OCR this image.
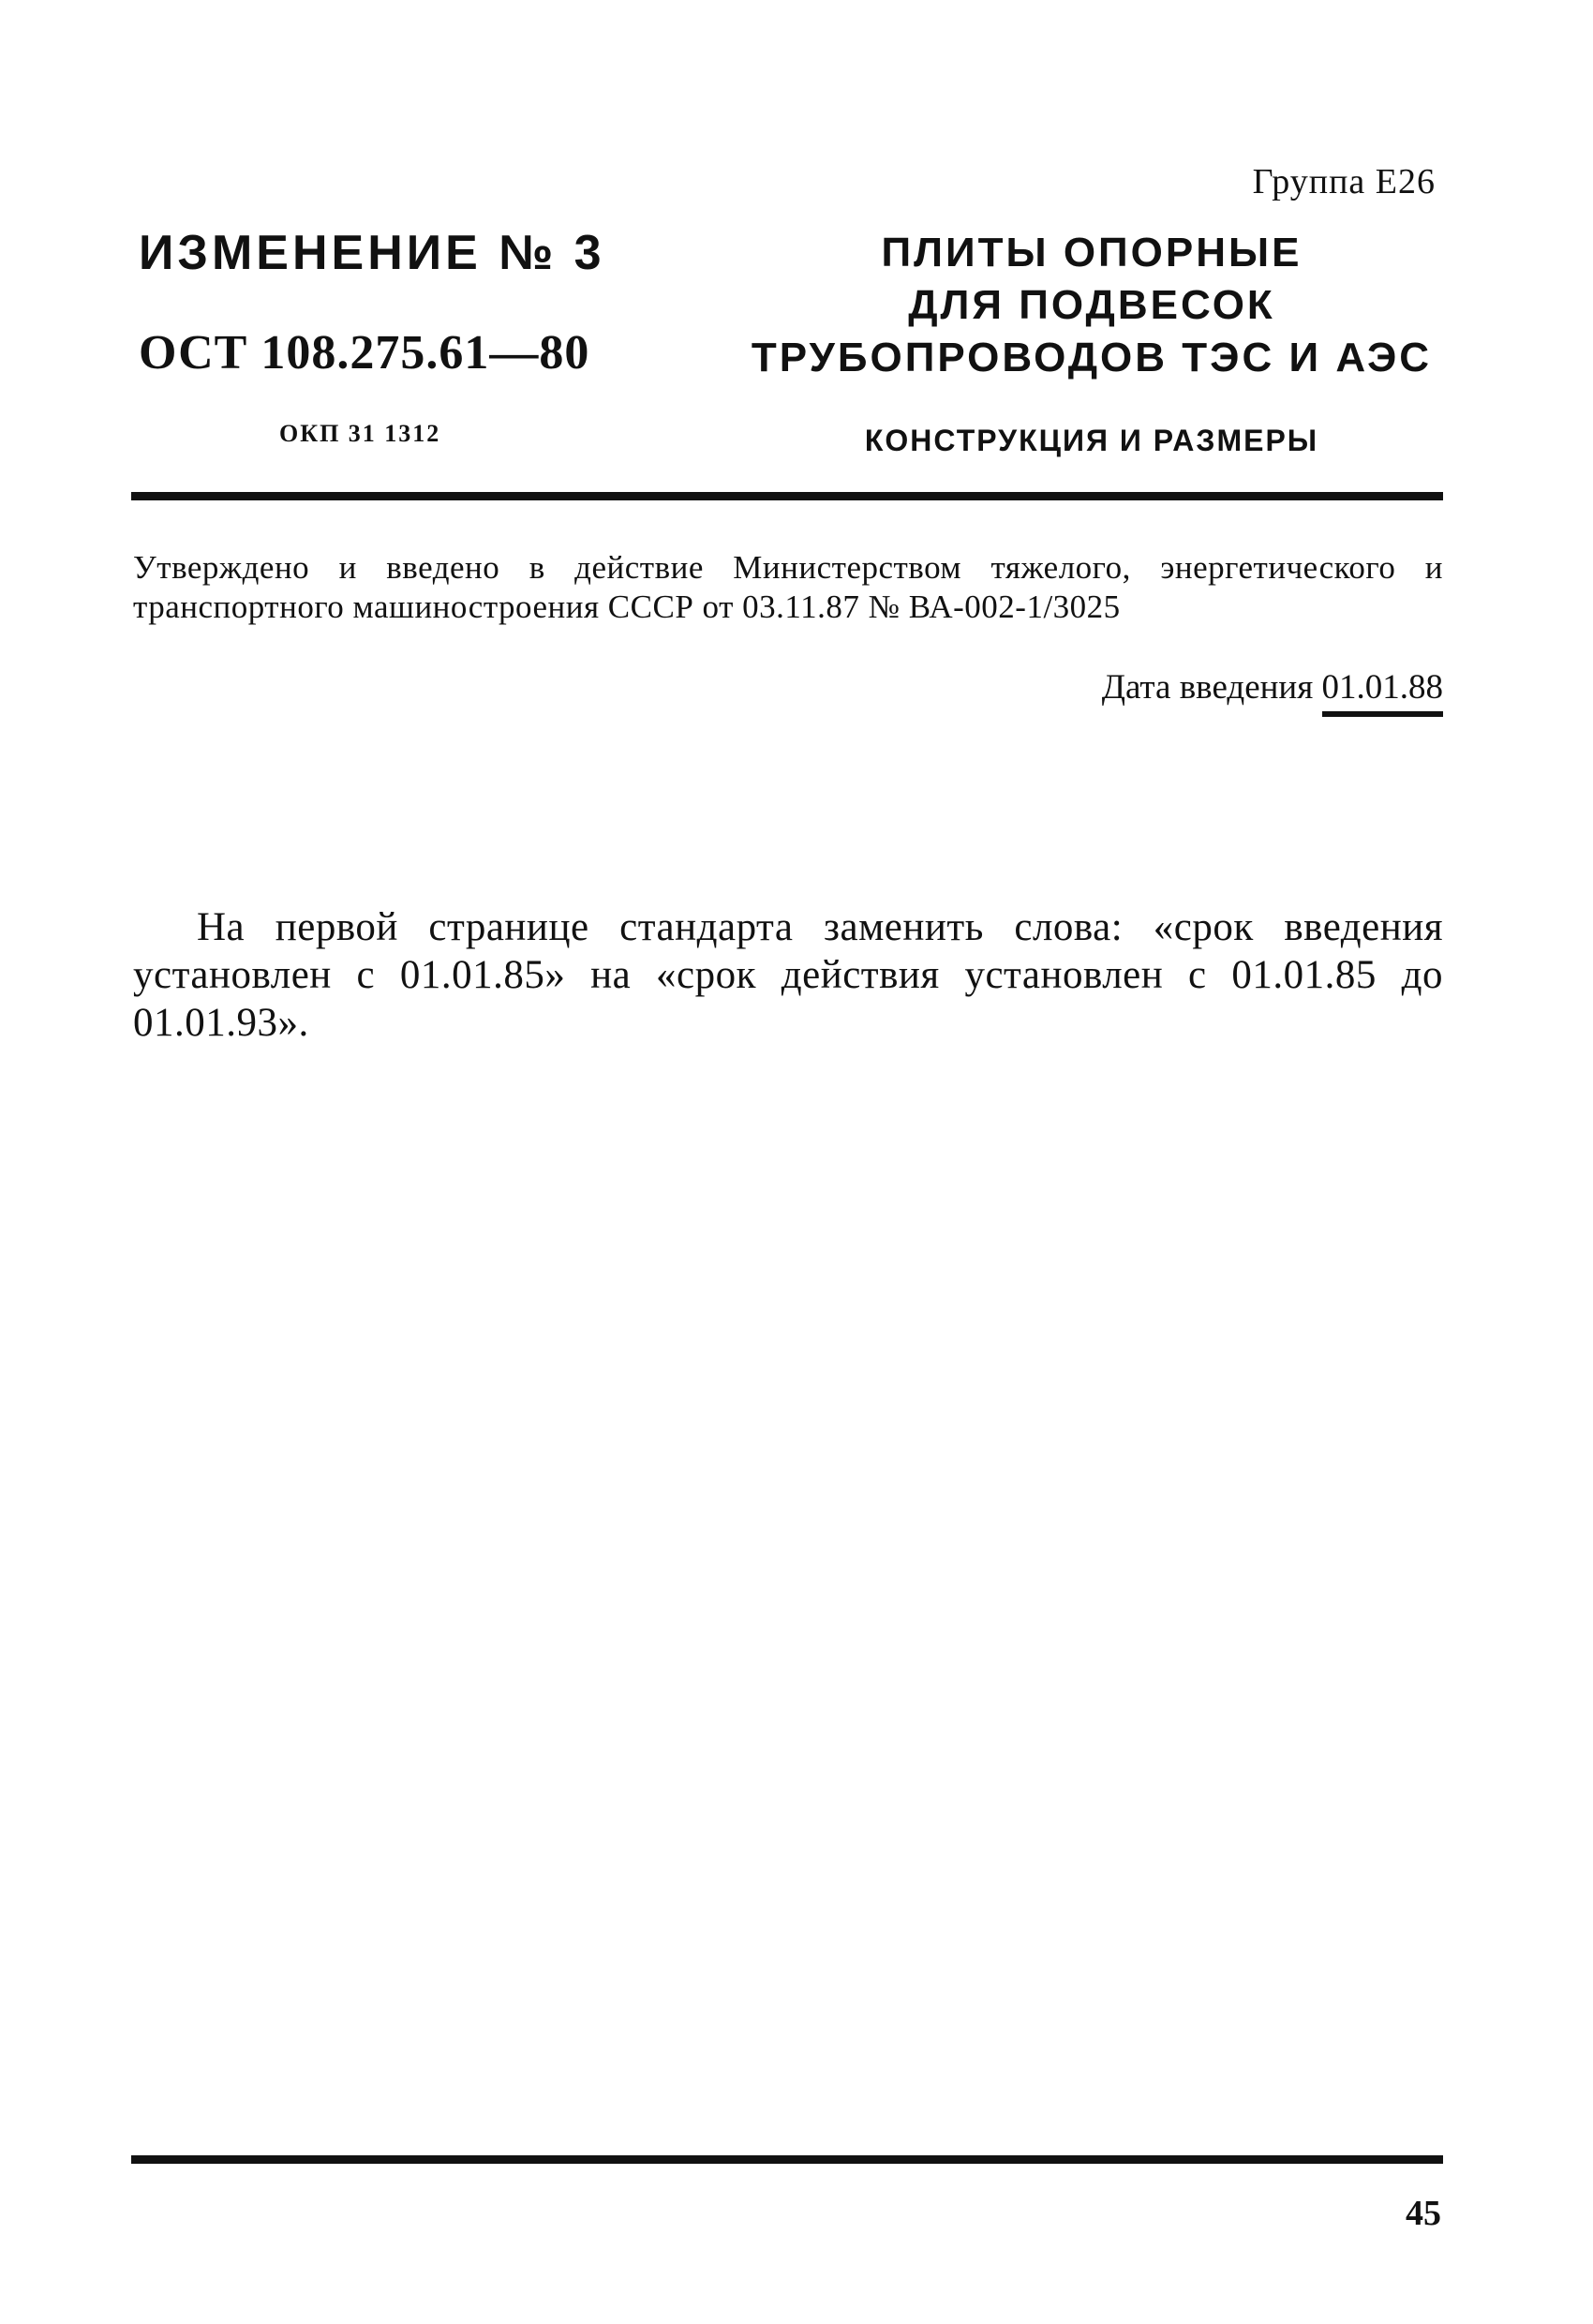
Группа Е26
ИЗМЕНЕНИЕ № 3
ОСТ 108.275.61—80
ОКП 31 1312
ПЛИТЫ ОПОРНЫЕ
ДЛЯ ПОДВЕСОК
ТРУБОПРОВОДОВ ТЭС И АЭС
КОНСТРУКЦИЯ И РАЗМЕРЫ
Утверждено и введено в действие Министерством тяжелого, энергетического и транспортного машиностроения СССР от 03.11.87 № ВА-002-1/3025
Дата введения 01.01.88
На первой странице стандарта заменить слова: «срок введения установлен с 01.01.85» на «срок действия установлен с 01.01.85 до 01.01.93».
45
